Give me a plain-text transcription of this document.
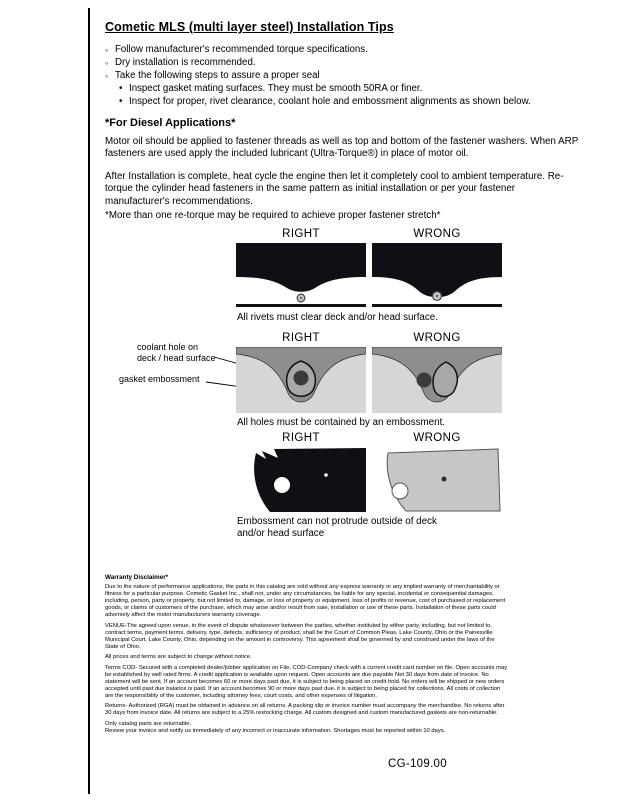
Cometic MLS (multi layer steel) Installation Tips
◦ Follow manufacturer's recommended torque specifications.
◦ Dry installation is recommended.
◦ Take the following steps to assure a proper seal
• Inspect gasket mating surfaces. They must be smooth 50RA or finer.
• Inspect for proper, rivet clearance, coolant hole and embossment alignments as shown below.
*For Diesel Applications*

Motor oil should be applied to fastener threads as well as top and bottom of the fastener washers. When ARP fasteners are used apply the included lubricant (Ultra-Torque®) in place of motor oil.

After Installation is complete, heat cycle the engine then let it completely cool to ambient temperature. Re-torque the cylinder head fasteners in the same pattern as initial installation or per your fastener manufacturer's recommendations.

*More than one re-torque may be required to achieve proper fastener stretch*

RIGHT	WRONG

All rivets must clear deck and/or head surface.

RIGHT	WRONG
coolant hole on
deck / head surface
gasket embossment

All holes must be contained by an embossment.

RIGHT	WRONG

Embossment can not protrude outside of deck and/or head surface

Warranty Disclaimer*

Due to the nature of performance applications, the parts in this catalog are sold without any express warranty or any implied warranty of merchantability or fitness for a particular purpose. Cometic Gasket Inc., shall not, under any circumstances, be liable for any special, incidental or consequential damages, including, person, party or property, but not limited to, damage, or loss of property or equipment, loss of profits or revenue, cost of purchased or replacement goods, or claims of customers of the purchase, which may arise and/or result from sale, installation or use of these parts. Installation of these parts could adversely affect the motor manufacturers warranty coverage.

VENUE-The agreed upon venue, in the event of dispute whatsoever between the parties, whether instituted by either party, including, but not limited to, contract terms, payment terms, delivery, type, defects, sufficiency of product, shall be the Court of Common Pleas, Lake County, Ohio or the Painesville Municipal Court, Lake County, Ohio, depending on the amount in controversy. This agreement shall be governed by and construed under the laws of the State of Ohio.

All prices and terms are subject to change without notice.

Terms COD- Secured with a completed dealer/jobber application on File, COD-Company check with a current credit card number on file. Open accounts may be established by well rated firms. A credit application is available upon request. Open accounts are due payable Net 30 days from date of invoice. No statement will be sent. If an account becomes 60 or more days past due, it is subject to being placed on credit hold. No orders will be shipped or new orders accepted until past due balance is paid. If an account becomes 90 or more days past due, it is subject to being placed for collections. All costs of collection are the responsibility of the customer, including attorney fees, court costs, and other expenses of litigation.

Returns- Authorized (RGA) must be obtained in advance on all returns. A packing slip or invoice number must accompany the merchandise. No returns after 30 days from invoice date. All returns are subject to a 25% restocking charge. All custom designed and custom manufactured gaskets are non-returnable.

Only catalog parts are returnable.

Review your invoice and notify us immediately of any incorrect or inaccurate information. Shortages must be reported within 10 days.

CG-109.00
